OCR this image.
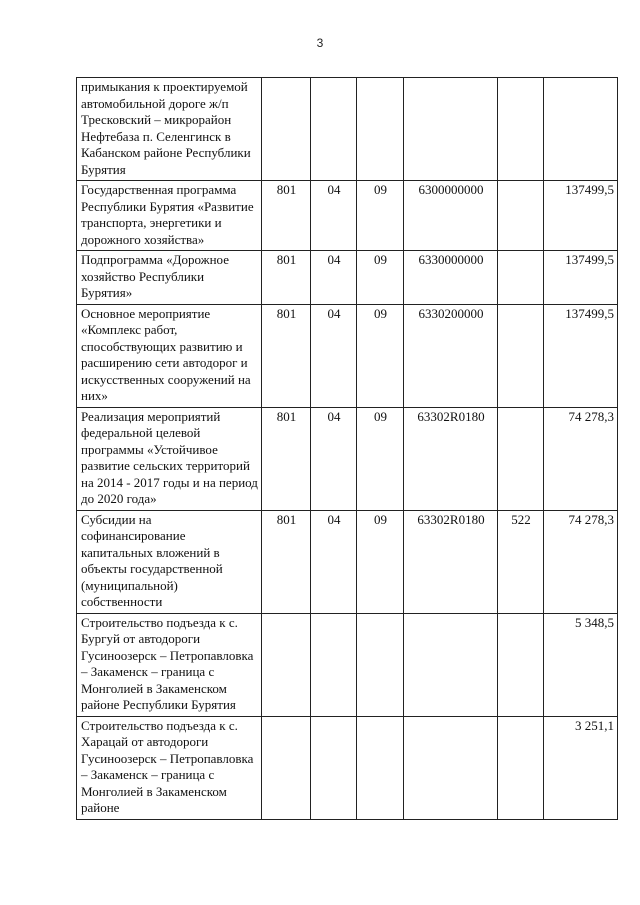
3
примыкания к проектируемой автомобильной дороге ж/п Тресковский – микрорайон Нефтебаза п. Селенгинск в Кабанском районе Республики Бурятия						
Государственная программа Республики Бурятия «Развитие транспорта, энергетики и дорожного хозяйства»	801	04	09	6300000000		137499,5
Подпрограмма «Дорожное хозяйство Республики Бурятия»	801	04	09	6330000000		137499,5
Основное мероприятие «Комплекс работ, способствующих развитию и расширению сети автодорог и искусственных сооружений на них»	801	04	09	6330200000		137499,5
Реализация мероприятий федеральной целевой программы «Устойчивое развитие сельских территорий на 2014 - 2017 годы и на период до 2020 года»	801	04	09	63302R0180		74 278,3
Субсидии на софинансирование капитальных вложений в объекты государственной (муниципальной) собственности	801	04	09	63302R0180	522	74 278,3
Строительство подъезда к с. Бургуй от автодороги Гусиноозерск – Петропавловка – Закаменск – граница с Монголией в Закаменском районе Республики Бурятия						5 348,5
Строительство подъезда к с. Харацай от автодороги Гусиноозерск – Петропавловка – Закаменск – граница с Монголией в Закаменском районе						3 251,1
